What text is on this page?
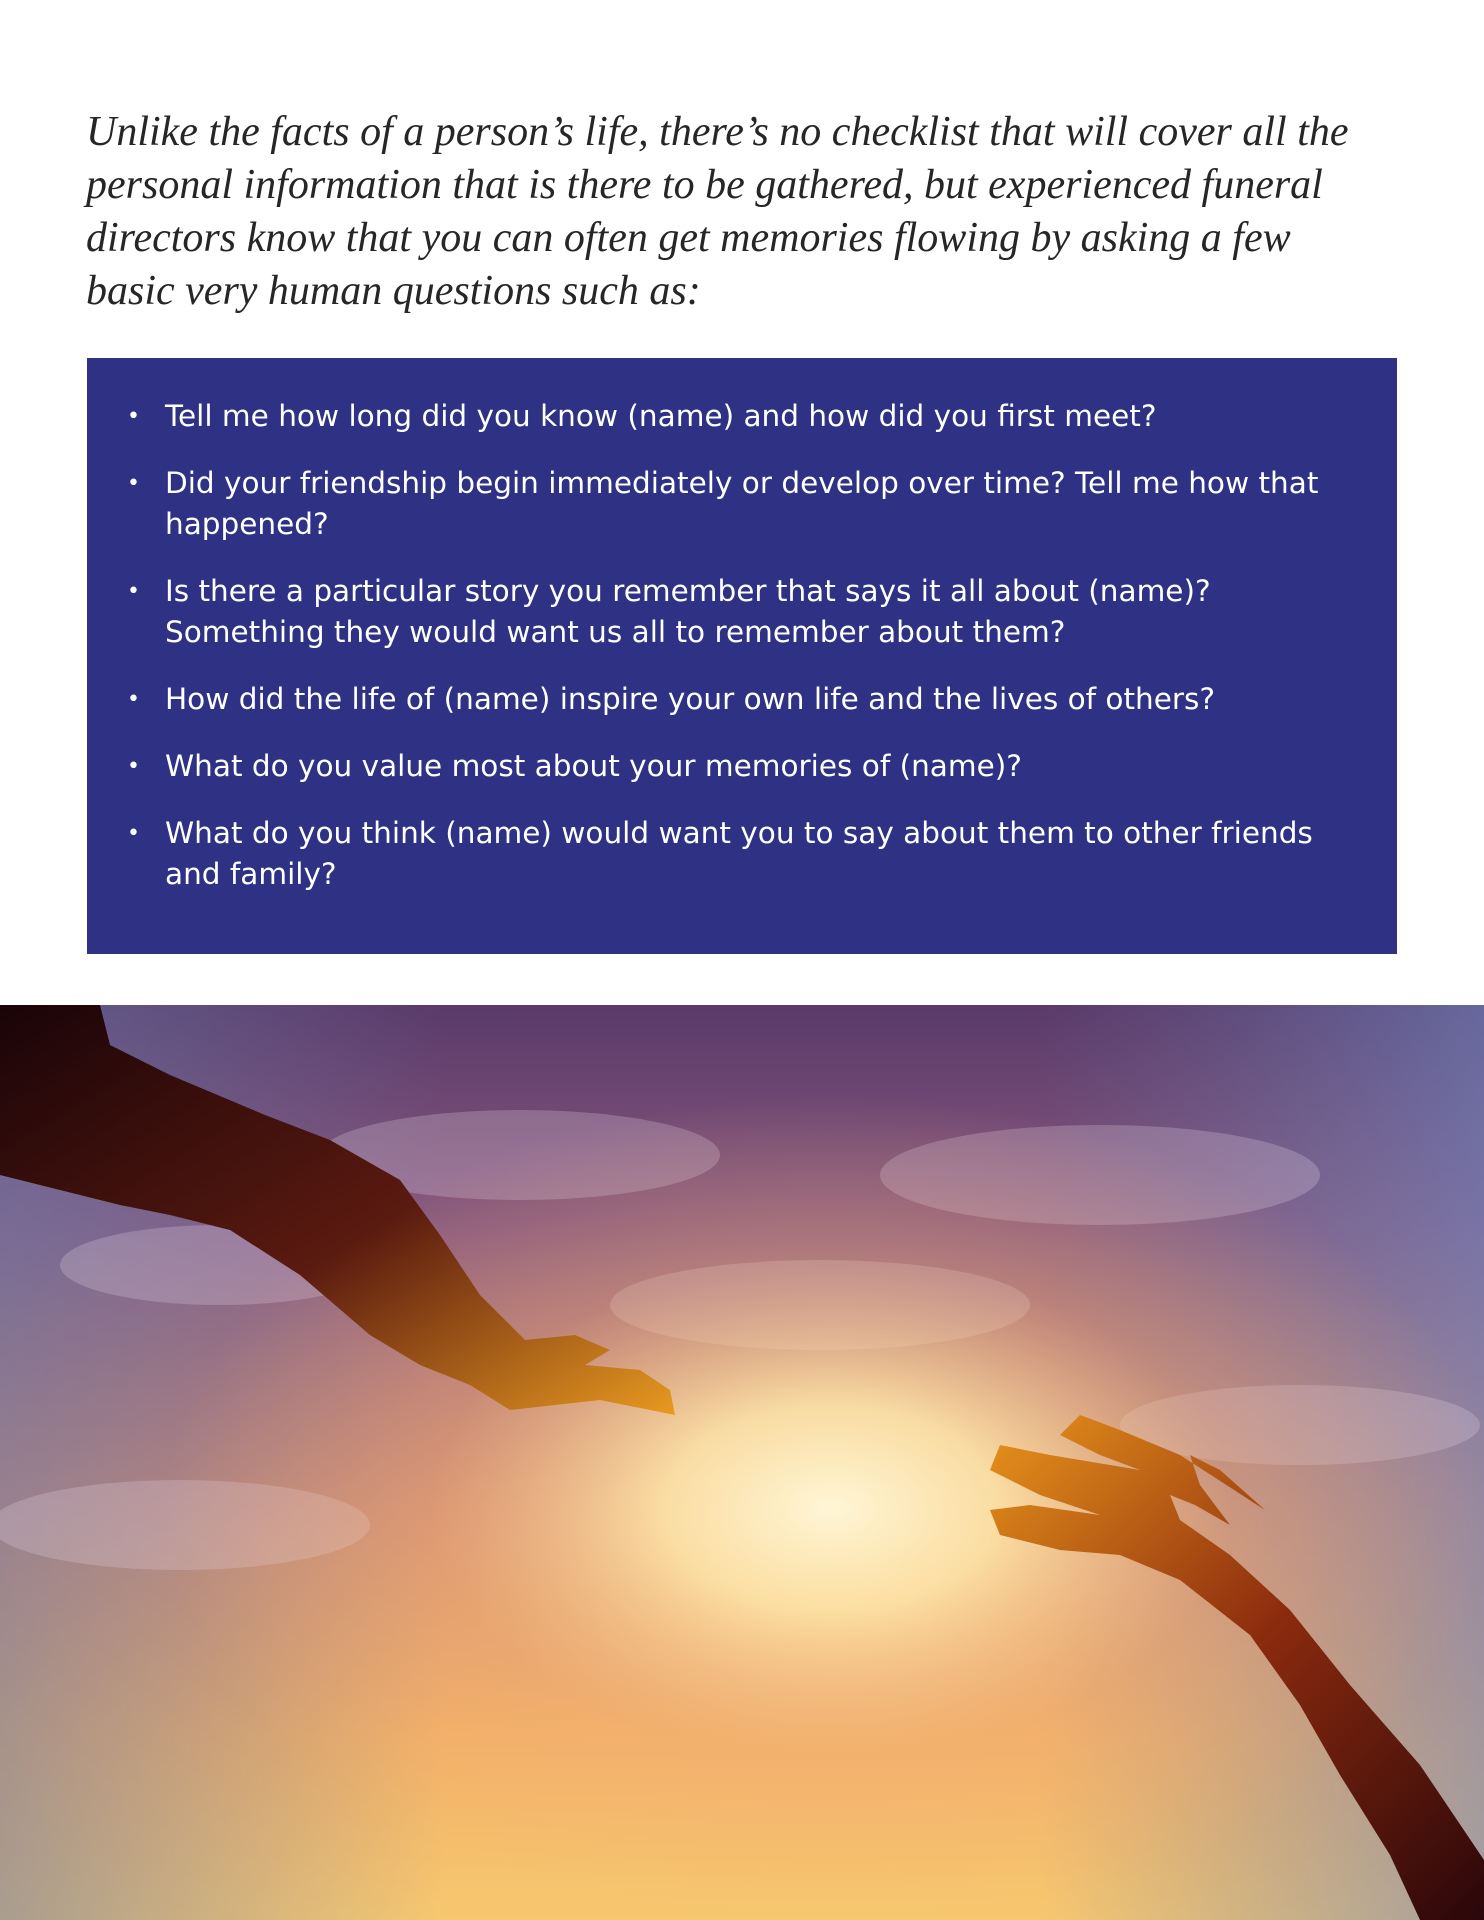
Unlike the facts of a person’s life, there’s no checklist that will cover all the personal information that is there to be gathered, but experienced funeral directors know that you can often get memories flowing by asking a few basic very human questions such as:

• Tell me how long did you know (name) and how did you first meet?
• Did your friendship begin immediately or develop over time? Tell me how that happened?
• Is there a particular story you remember that says it all about (name)? Something they would want us all to remember about them?
• How did the life of (name) inspire your own life and the lives of others?
• What do you value most about your memories of (name)?
• What do you think (name) would want you to say about them to other friends and family?
